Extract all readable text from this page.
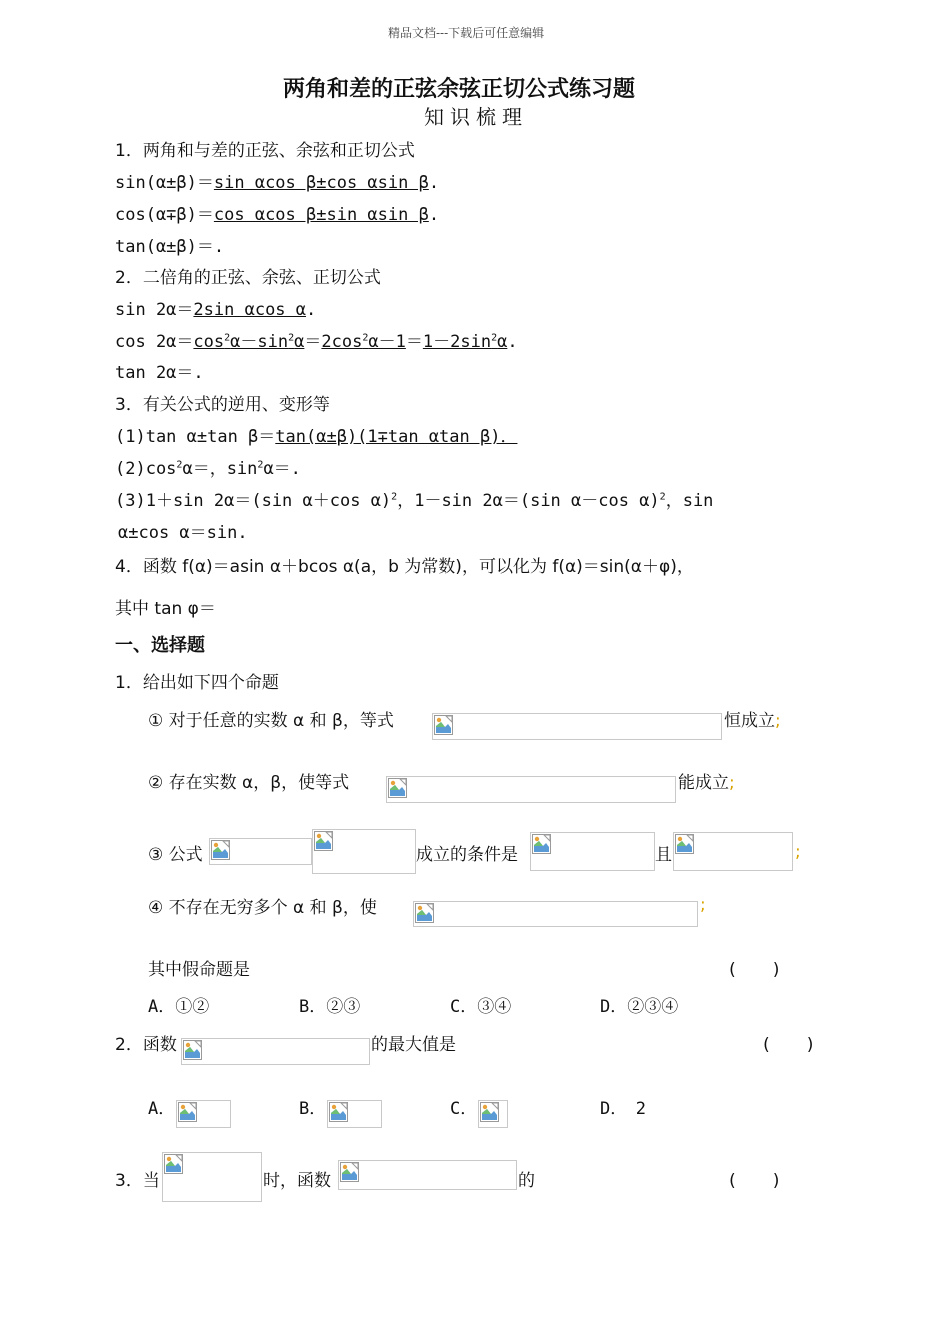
精品文档---下载后可任意编辑
两角和差的正弦余弦正切公式练习题
知识梳理
1．两角和与差的正弦、余弦和正切公式
sin(α±β)＝sin αcos β±cos αsin β.
cos(α∓β)＝cos αcos β±sin αsin β.
tan(α±β)＝.
2．二倍角的正弦、余弦、正切公式
sin 2α＝2sin αcos α.
$\cos 2\alpha=\cos^2\alpha-\sin^2\alpha=2\cos^2\alpha-1=1-2\sin^2\alpha$.
tan 2α＝.
3．有关公式的逆用、变形等
(1)tan α±tan β＝tan(α±β)(1∓tan αtan β)．
$(2)\cos^2\alpha=$，$\sin^2\alpha=$.
(3)1＋sin 2α＝(sin α＋cos α)$^2$，1－sin 2α＝(sin α－cos α)$^2$，sin
α±cos α＝sin.
4．函数 f(α)＝asin α＋bcos α(a，b 为常数)，可以化为 f(α)＝sin(α＋φ)，
其中 tan φ＝
一、选择题
1．给出如下四个命题
① 对于任意的实数 α 和 β，等式	恒成立;
② 存在实数 α，β，使等式	能成立;
③ 公式	成立的条件是	且	;
④ 不存在无穷多个 α 和 β，使	;
其中假命题是	(　　)
A．①②	B．②③	C．③④	D．②③④
2．函数	的最大值是	(　　)
A．	B．	C．	D．　2
3．当	时，函数	的	(　　)
